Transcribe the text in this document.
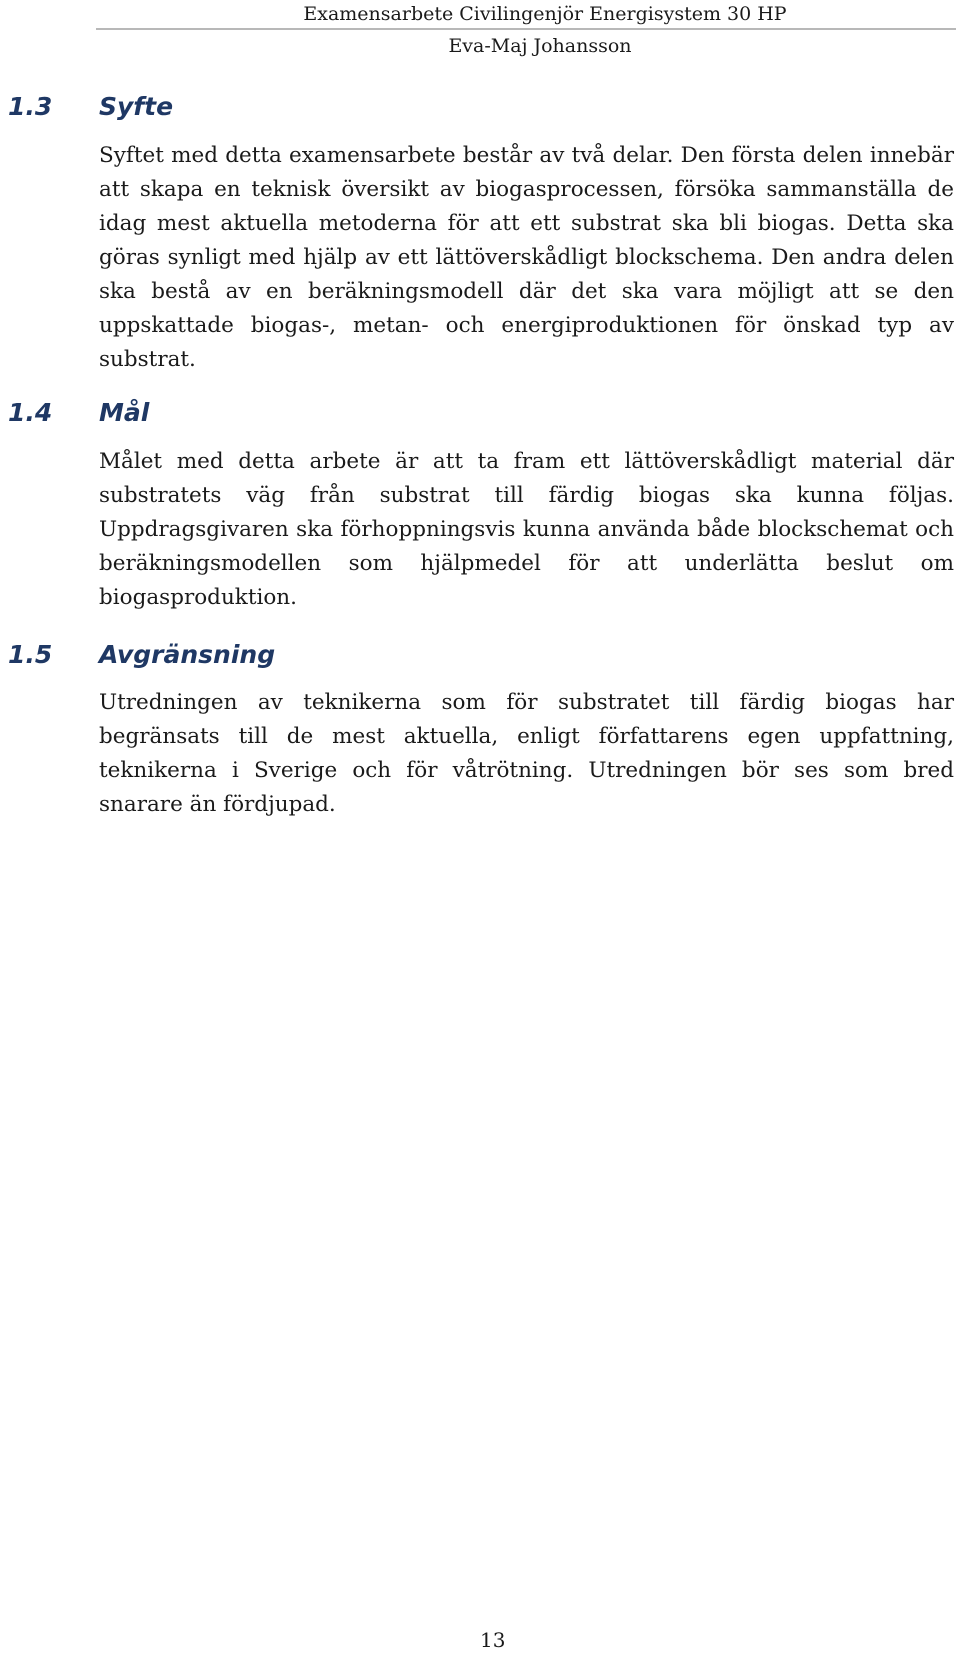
Examensarbete Civilingenjör Energisystem 30 HP
Eva-Maj Johansson
1.3 Syfte

Syftet med detta examensarbete består av två delar. Den första delen innebär att skapa en teknisk översikt av biogasprocessen, försöka sammanställa de idag mest aktuella metoderna för att ett substrat ska bli biogas. Detta ska göras synligt med hjälp av ett lättöverskådligt blockschema. Den andra delen ska bestå av en beräkningsmodell där det ska vara möjligt att se den uppskattade biogas-, metan- och energiproduktionen för önskad typ av substrat.

1.4 Mål

Målet med detta arbete är att ta fram ett lättöverskådligt material där substratets väg från substrat till färdig biogas ska kunna följas. Uppdragsgivaren ska förhoppningsvis kunna använda både blockschemat och beräkningsmodellen som hjälpmedel för att underlätta beslut om biogasproduktion.

1.5 Avgränsning

Utredningen av teknikerna som för substratet till färdig biogas har begränsats till de mest aktuella, enligt författarens egen uppfattning, teknikerna i Sverige och för våtrötning. Utredningen bör ses som bred snarare än fördjupad.

13
